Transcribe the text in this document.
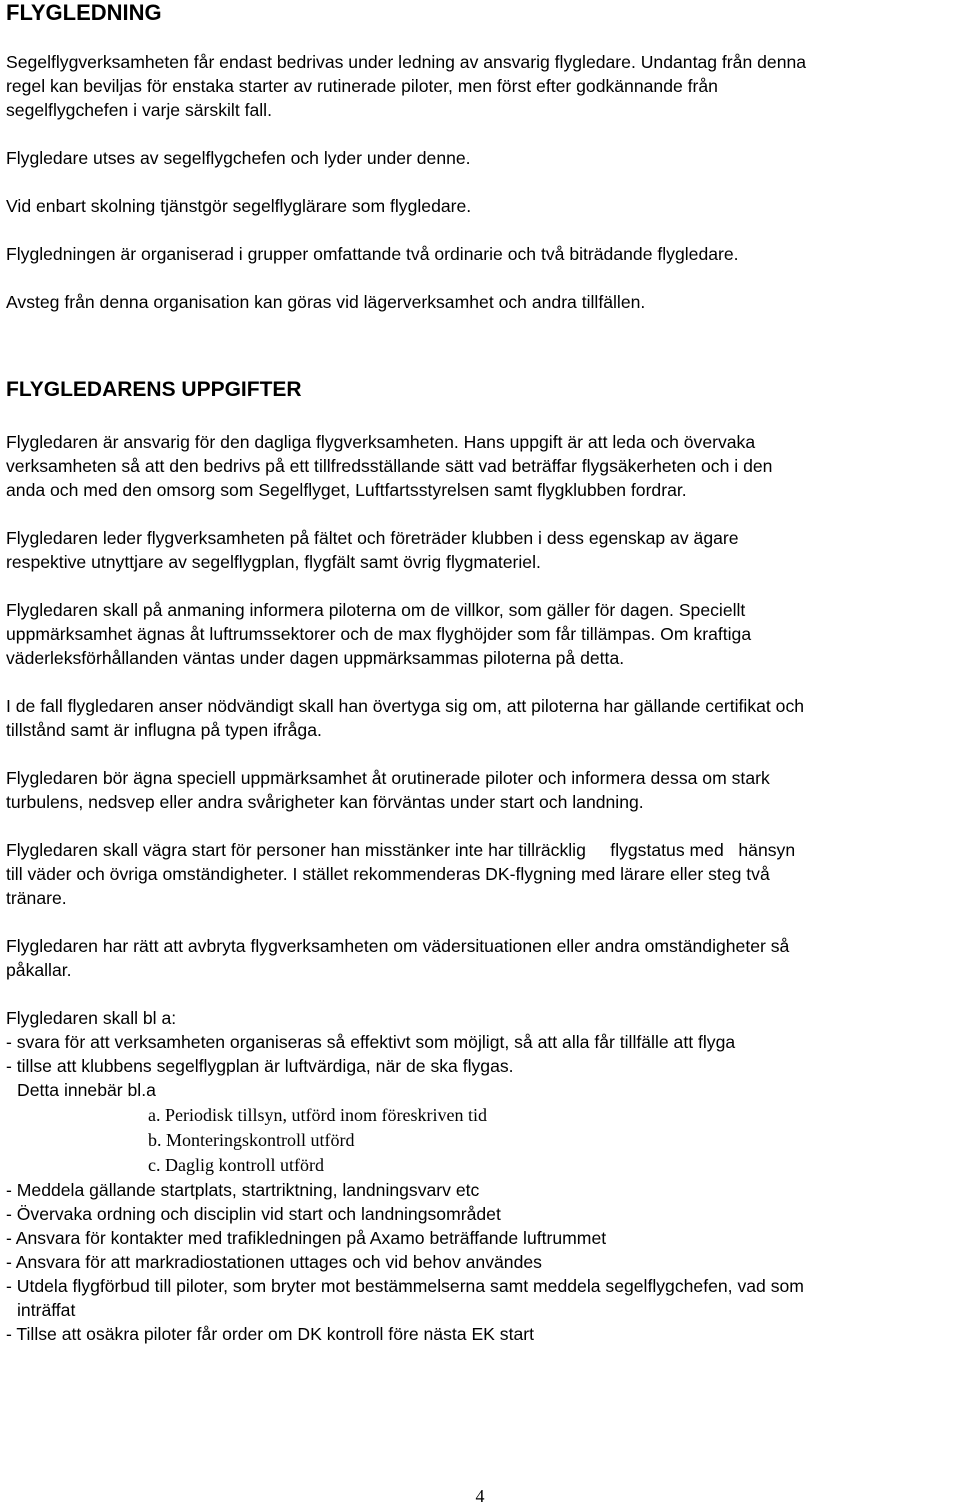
FLYGLEDNING
Segelflygverksamheten får endast bedrivas under ledning av ansvarig flygledare. Undantag från denna
regel kan beviljas för enstaka starter av rutinerade piloter, men först efter godkännande från
segelflygchefen i varje särskilt fall.
Flygledare utses av segelflygchefen och lyder under denne.
Vid enbart skolning tjänstgör segelflyglärare som flygledare.
Flygledningen är organiserad i grupper omfattande två ordinarie och två biträdande flygledare.
Avsteg från denna organisation kan göras vid lägerverksamhet och andra tillfällen.
FLYGLEDARENS UPPGIFTER
Flygledaren är ansvarig för den dagliga flygverksamheten. Hans uppgift är att leda och övervaka
verksamheten så att den bedrivs på ett tillfredsställande sätt vad beträffar flygsäkerheten och i den
anda och med den omsorg som Segelflyget, Luftfartsstyrelsen samt flygklubben fordrar.
Flygledaren leder flygverksamheten på fältet och företräder klubben i dess egenskap av ägare
respektive utnyttjare av segelflygplan, flygfält samt övrig flygmateriel.
Flygledaren skall på anmaning informera piloterna om de villkor, som gäller för dagen. Speciellt
uppmärksamhet ägnas åt luftrumssektorer och de max flyghöjder som får tillämpas. Om kraftiga
väderleksförhållanden väntas under dagen uppmärksammas piloterna på detta.
I de fall flygledaren anser nödvändigt skall han övertyga sig om, att piloterna har gällande certifikat och
tillstånd samt är influgna på typen ifråga.
Flygledaren bör ägna speciell uppmärksamhet åt orutinerade piloter och informera dessa om stark
turbulens, nedsvep eller andra svårigheter kan förväntas under start och landning.
Flygledaren skall vägra start för personer han misstänker inte har tillräcklig     flygstatus med   hänsyn
till väder och övriga omständigheter. I stället rekommenderas DK-flygning med lärare eller steg två
tränare.
Flygledaren har rätt att avbryta flygverksamheten om vädersituationen eller andra omständigheter så
påkallar.
Flygledaren skall bl a:
- svara för att verksamheten organiseras så effektivt som möjligt, så att alla får tillfälle att flyga
- tillse att klubbens segelflygplan är luftvärdiga, när de ska flygas.
Detta innebär bl.a
a. Periodisk tillsyn, utförd inom föreskriven tid
b. Monteringskontroll utförd
c. Daglig kontroll utförd
- Meddela gällande startplats, startriktning, landningsvarv etc
- Övervaka ordning och disciplin vid start och landningsområdet
- Ansvara för kontakter med trafikledningen på Axamo beträffande luftrummet
- Ansvara för att markradiostationen uttages och vid behov användes
- Utdela flygförbud till piloter, som bryter mot bestämmelserna samt meddela segelflygchefen, vad som
inträffat
- Tillse att osäkra piloter får order om DK kontroll före nästa EK start
4
